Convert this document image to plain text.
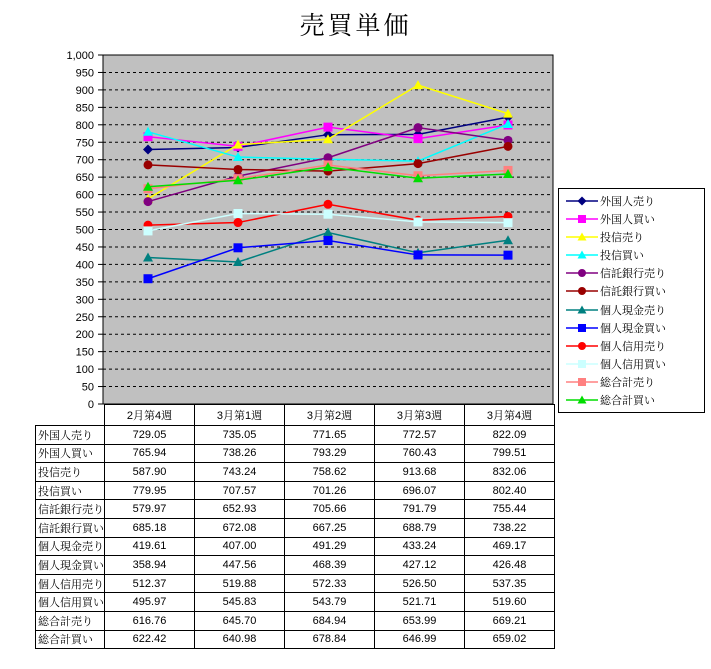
売買単価
0
50
100
150
200
250
300
350
400
450
500
550
600
650
700
750
800
850
900
950
1,000
外国人売り
外国人買い
投信売り
投信買い
信託銀行売り
信託銀行買い
個人現金売り
個人現金買い
個人信用売り
個人信用買い
総合計売り
総合計買い
	2月第4週	3月第1週	3月第2週	3月第3週	3月第4週
外国人売り	729.05	735.05	771.65	772.57	822.09
外国人買い	765.94	738.26	793.29	760.43	799.51
投信売り	587.90	743.24	758.62	913.68	832.06
投信買い	779.95	707.57	701.26	696.07	802.40
信託銀行売り	579.97	652.93	705.66	791.79	755.44
信託銀行買い	685.18	672.08	667.25	688.79	738.22
個人現金売り	419.61	407.00	491.29	433.24	469.17
個人現金買い	358.94	447.56	468.39	427.12	426.48
個人信用売り	512.37	519.88	572.33	526.50	537.35
個人信用買い	495.97	545.83	543.79	521.71	519.60
総合計売り	616.76	645.70	684.94	653.99	669.21
総合計買い	622.42	640.98	678.84	646.99	659.02
